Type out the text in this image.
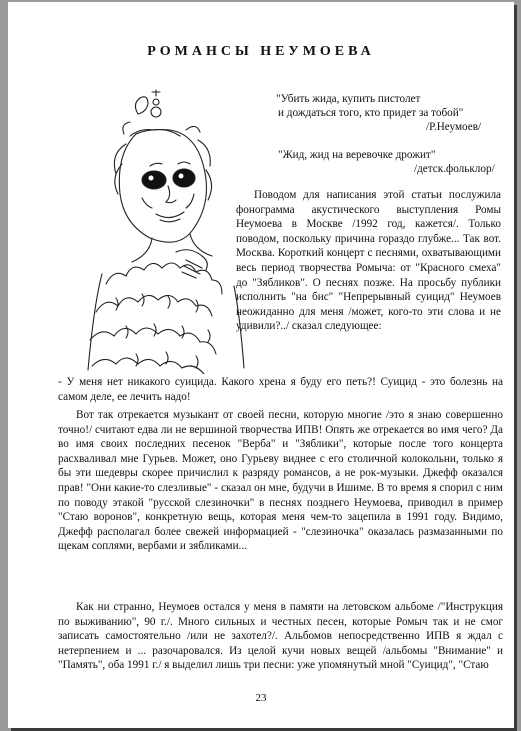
РОМАНСЫ НЕУМОЕВА
"Убить жида, купить пистолет
и дождаться того, кто придет за тобой"
/Р.Неумоев/
"Жид, жид на веревочке дрожит"
/детск.фольклор/

Поводом для написания этой статьи послужила фонограмма акустического выступления Ромы Неумоева в Москве /1992 год, кажется/. Только поводом, поскольку причина гораздо глубже... Так вот. Москва. Короткий концерт с песнями, охватывающими весь период творчества Ромыча: от "Красного смеха" до "Зябликов". О песнях позже. На просьбу публики исполнить "на бис" "Непрерывный суицид" Неумоев неожиданно для меня /может, кого-то эти слова и не удивили?../ сказал следующее:

- У меня нет никакого суицида. Какого хрена я буду его петь?! Суицид - это болезнь на самом деле, ее лечить надо!

Вот так отрекается музыкант от своей песни, которую многие /это я знаю совершенно точно!/ считают едва ли не вершиной творчества ИПВ! Опять же отрекается во имя чего? Да во имя своих последних песенок "Верба" и "Зяблики", которые после того концерта расхваливал мне Гурьев. Может, оно Гурьеву виднее с его столичной колокольни, только я бы эти шедевры скорее причислил к разряду романсов, а не рок-музыки. Джефф оказался прав! "Они какие-то слезливые" - сказал он мне, будучи в Ишиме. В то время я спорил с ним по поводу этакой "русской слезиночки" в песнях позднего Неумоева, приводил в пример "Стаю воронов", конкретную вещь, которая меня чем-то зацепила в 1991 году. Видимо, Джефф располагал более свежей информацией - "слезиночка" оказалась размазанными по щекам соплями, вербами и зябликами...

Как ни странно, Неумоев остался у меня в памяти на летовском альбоме /"Инструкция по выживанию", 90 г./. Много сильных и честных песен, которые Ромыч так и не смог записать самостоятельно /или не захотел?/. Альбомов непосредственно ИПВ я ждал с нетерпением и ... разочаровался. Из целой кучи новых вещей /альбомы "Внимание" и "Память", оба 1991 г./ я выделил лишь три песни: уже упомянутый мной "Суицид", "Стаю

23
